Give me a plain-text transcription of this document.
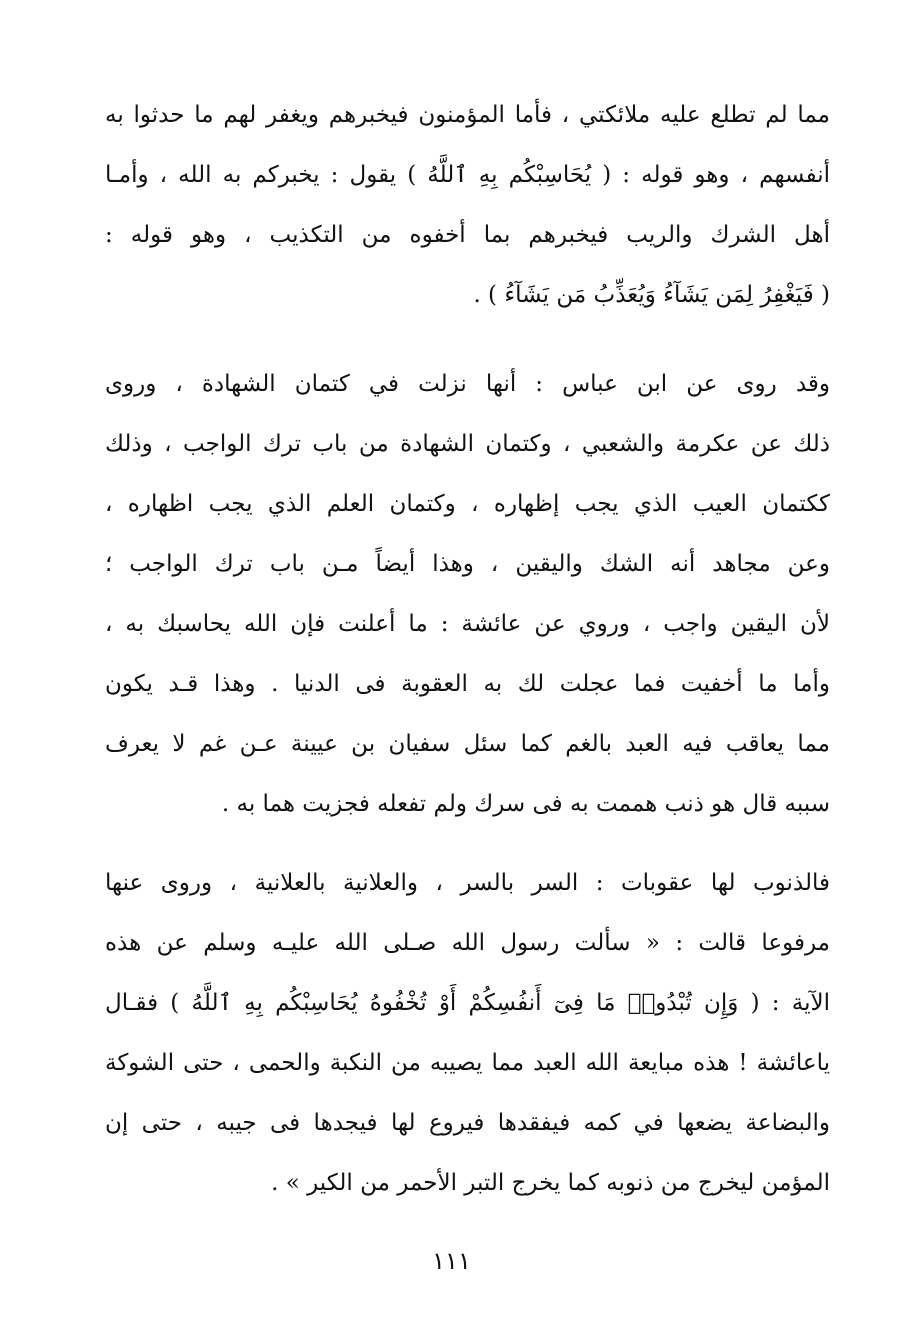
مما لم تطلع عليه ملائكتي ، فأما المؤمنون فيخبرهم ويغفر لهم ما حدثوا به
أنفسهم ، وهو قوله : ( يُحَاسِبْكُم بِهِ ٱللَّهُ ) يقول : يخبركم به الله ، وأمـا
أهل الشرك والريب فيخبرهم بما أخفوه من التكذيب ، وهو قوله :
( فَيَغْفِرُ لِمَن يَشَآءُ وَيُعَذِّبُ مَن يَشَآءُ ) .
وقد روى عن ابن عباس : أنها نزلت في كتمان الشهادة ، وروى
ذلك عن عكرمة والشعبي ، وكتمان الشهادة من باب ترك الواجب ، وذلك
ككتمان العيب الذي يجب إظهاره ، وكتمان العلم الذي يجب اظهاره ،
وعن مجاهد أنه الشك واليقين ، وهذا أيضاً مـن باب ترك الواجب ؛
لأن اليقين واجب ، وروي عن عائشة : ما أعلنت فإن الله يحاسبك به ،
وأما ما أخفيت فما عجلت لك به العقوبة فى الدنيا . وهذا قـد يكون
مما يعاقب فيه العبد بالغم كما سئل سفيان بن عيينة عـن غم لا يعرف
سببه قال هو ذنب هممت به فى سرك ولم تفعله فجزيت هما به .
فالذنوب لها عقوبات : السر بالسر ، والعلانية بالعلانية ، وروى عنها
مرفوعا قالت : « سألت رسول الله صـلى الله عليـه وسلم عن هذه
الآية : ( وَإِن تُبْدُوا۟ مَا فِىٓ أَنفُسِكُمْ أَوْ تُخْفُوهُ يُحَاسِبْكُم بِهِ ٱللَّهُ ) فقـال
ياعائشة ! هذه مبايعة الله العبد مما يصيبه من النكبة والحمى ، حتى الشوكة
والبضاعة يضعها في كمه فيفقدها فيروع لها فيجدها فى جيبه ، حتى إن
المؤمن ليخرج من ذنوبه كما يخرج التبر الأحمر من الكير » .
١١١
